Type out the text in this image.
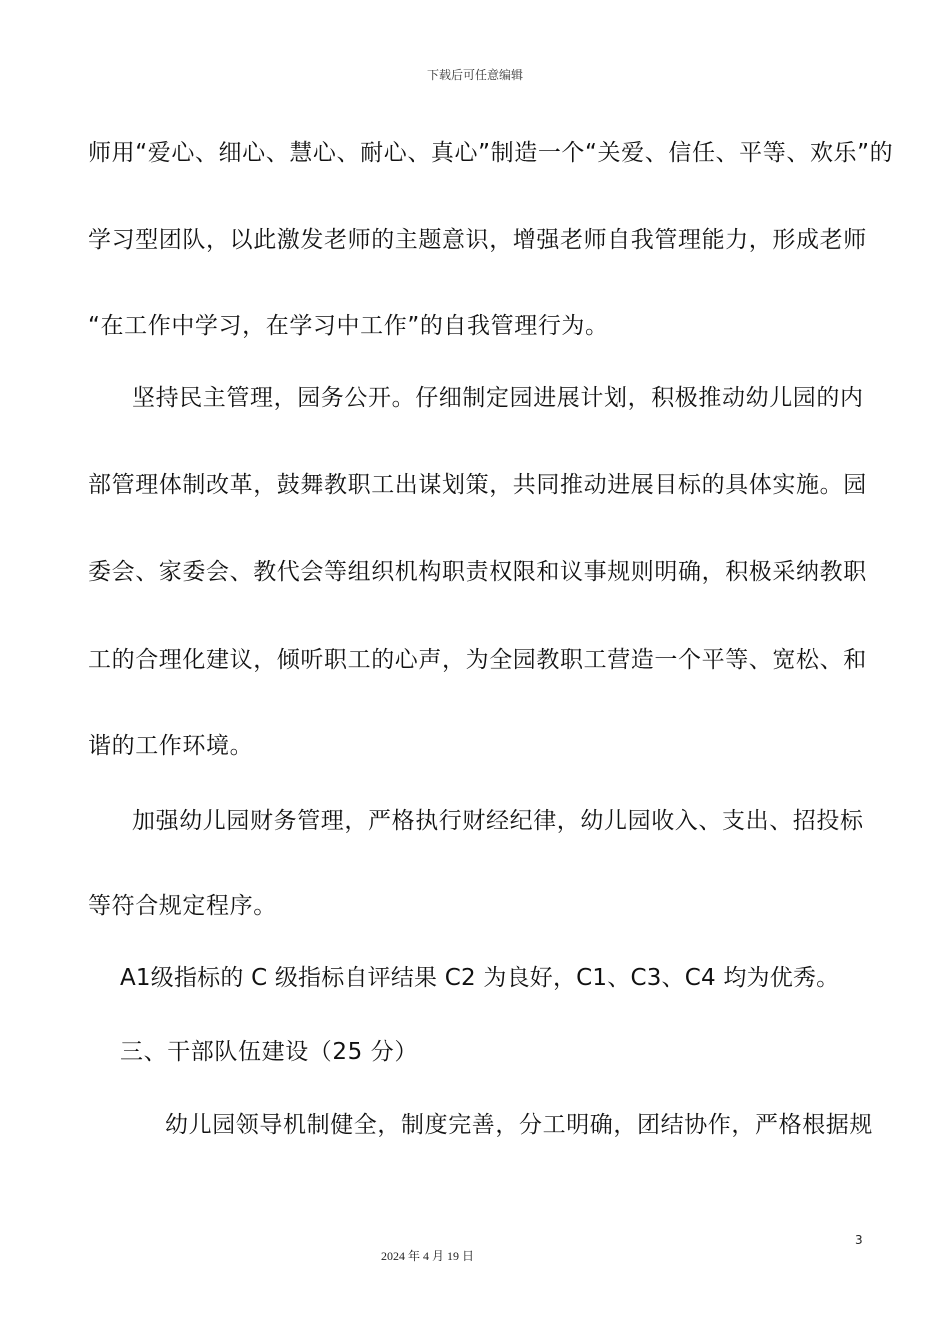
下载后可任意编辑
师用“爱心、细心、慧心、耐心、真心”制造一个“关爱、信任、平等、欢乐”的
学习型团队，以此激发老师的主题意识，增强老师自我管理能力，形成老师
“在工作中学习，在学习中工作”的自我管理行为。
坚持民主管理，园务公开。仔细制定园进展计划，积极推动幼儿园的内
部管理体制改革，鼓舞教职工出谋划策，共同推动进展目标的具体实施。园
委会、家委会、教代会等组织机构职责权限和议事规则明确，积极采纳教职
工的合理化建议，倾听职工的心声，为全园教职工营造一个平等、宽松、和
谐的工作环境。
加强幼儿园财务管理，严格执行财经纪律，幼儿园收入、支出、招投标
等符合规定程序。
A1级指标的 C 级指标自评结果 C2 为良好，C1、C3、C4 均为优秀。
三、干部队伍建设（25 分）
幼儿园领导机制健全，制度完善，分工明确，团结协作，严格根据规
3
2024 年 4 月 19 日
